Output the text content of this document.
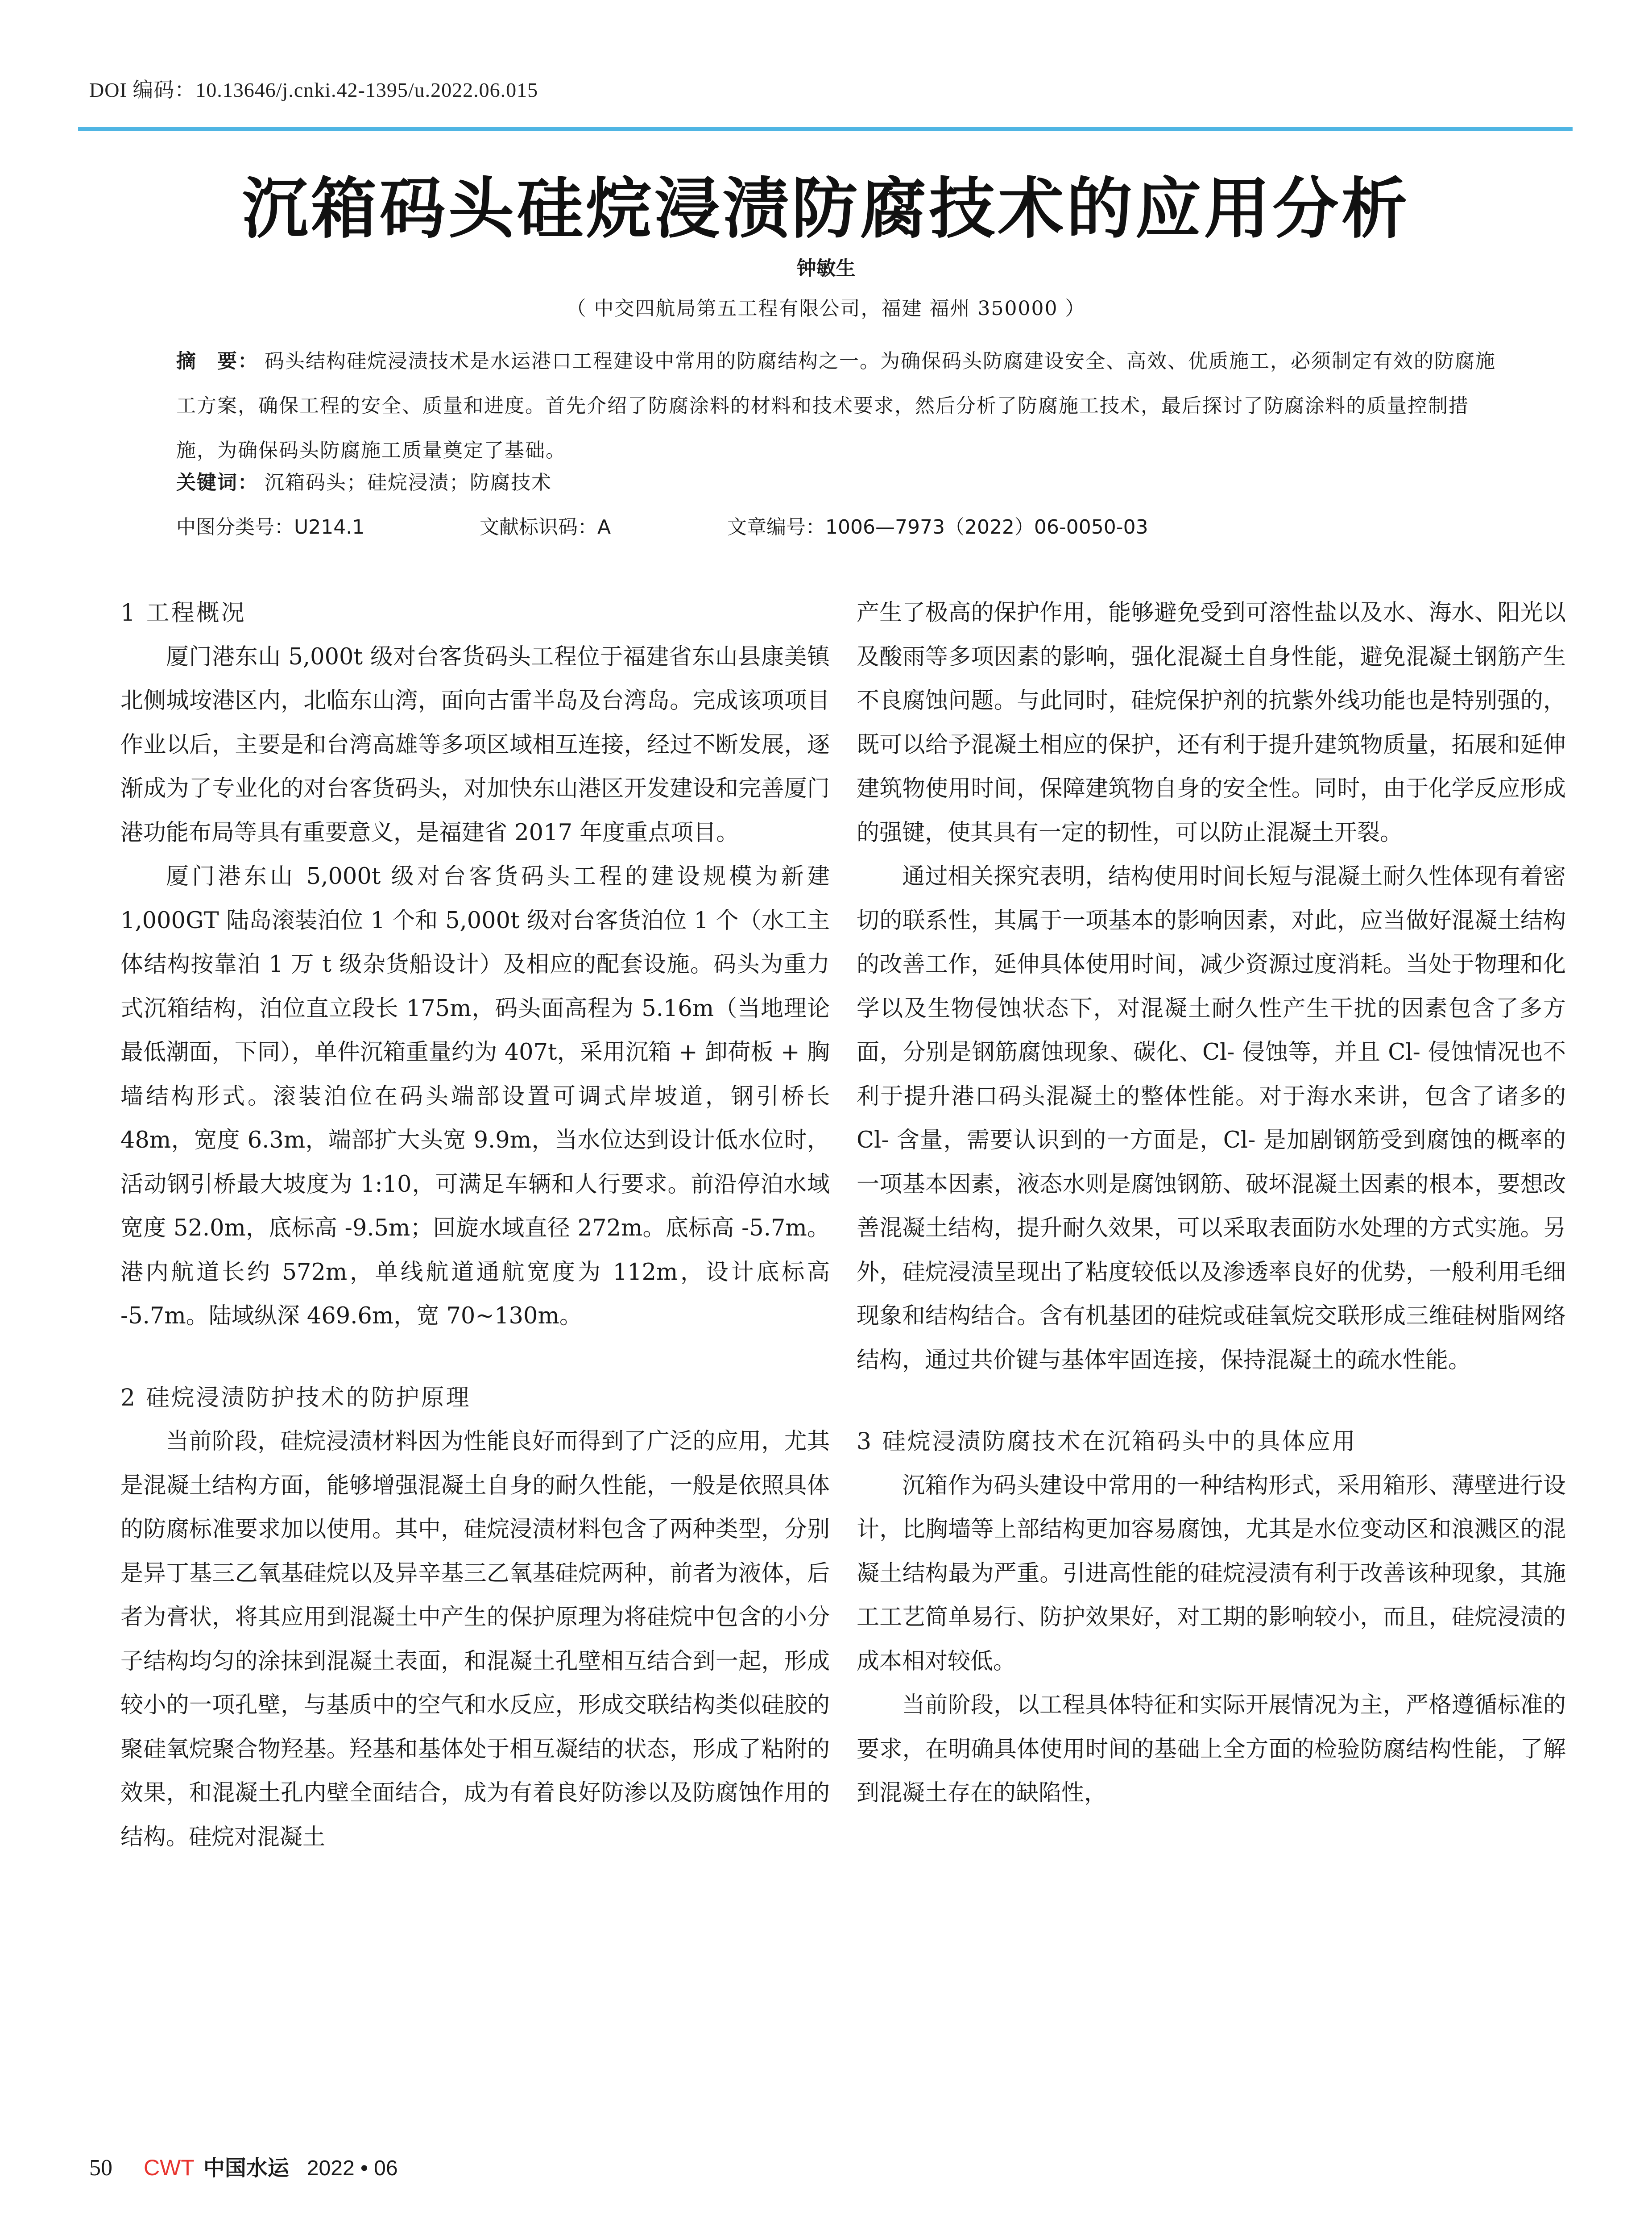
DOI 编码：10.13646/j.cnki.42-1395/u.2022.06.015
沉箱码头硅烷浸渍防腐技术的应用分析
钟敏生
（ 中交四航局第五工程有限公司，福建 福州 350000 ）
摘　要： 码头结构硅烷浸渍技术是水运港口工程建设中常用的防腐结构之一。为确保码头防腐建设安全、高效、优质施工，必须制定有效的防腐施工方案，确保工程的安全、质量和进度。首先介绍了防腐涂料的材料和技术要求，然后分析了防腐施工技术，最后探讨了防腐涂料的质量控制措施，为确保码头防腐施工质量奠定了基础。
关键词： 沉箱码头；硅烷浸渍；防腐技术
中图分类号：U214.1	文献标识码：A	文章编号：1006—7973（2022）06-0050-03
1 工程概况

厦门港东山 5,000t 级对台客货码头工程位于福建省东山县康美镇北侧城垵港区内，北临东山湾，面向古雷半岛及台湾岛。完成该项项目作业以后，主要是和台湾高雄等多项区域相互连接，经过不断发展，逐渐成为了专业化的对台客货码头，对加快东山港区开发建设和完善厦门港功能布局等具有重要意义，是福建省 2017 年度重点项目。

厦门港东山 5,000t 级对台客货码头工程的建设规模为新建 1,000GT 陆岛滚装泊位 1 个和 5,000t 级对台客货泊位 1 个（水工主体结构按靠泊 1 万 t 级杂货船设计）及相应的配套设施。码头为重力式沉箱结构，泊位直立段长 175m，码头面高程为 5.16m（当地理论最低潮面，下同），单件沉箱重量约为 407t，采用沉箱 + 卸荷板 + 胸墙结构形式。滚装泊位在码头端部设置可调式岸坡道，钢引桥长 48m，宽度 6.3m，端部扩大头宽 9.9m，当水位达到设计低水位时，活动钢引桥最大坡度为 1:10，可满足车辆和人行要求。前沿停泊水域宽度 52.0m，底标高 -9.5m；回旋水域直径 272m。底标高 -5.7m。港内航道长约 572m，单线航道通航宽度为 112m，设计底标高 -5.7m。陆域纵深 469.6m，宽 70~130m。

2 硅烷浸渍防护技术的防护原理

当前阶段，硅烷浸渍材料因为性能良好而得到了广泛的应用，尤其是混凝土结构方面，能够增强混凝土自身的耐久性能，一般是依照具体的防腐标准要求加以使用。其中，硅烷浸渍材料包含了两种类型，分别是异丁基三乙氧基硅烷以及异辛基三乙氧基硅烷两种，前者为液体，后者为膏状，将其应用到混凝土中产生的保护原理为将硅烷中包含的小分子结构均匀的涂抹到混凝土表面，和混凝土孔壁相互结合到一起，形成较小的一项孔壁，与基质中的空气和水反应，形成交联结构类似硅胶的聚硅氧烷聚合物羟基。羟基和基体处于相互凝结的状态，形成了粘附的效果，和混凝土孔内壁全面结合，成为有着良好防渗以及防腐蚀作用的结构。硅烷对混凝土

产生了极高的保护作用，能够避免受到可溶性盐以及水、海水、阳光以及酸雨等多项因素的影响，强化混凝土自身性能，避免混凝土钢筋产生不良腐蚀问题。与此同时，硅烷保护剂的抗紫外线功能也是特别强的，既可以给予混凝土相应的保护，还有利于提升建筑物质量，拓展和延伸建筑物使用时间，保障建筑物自身的安全性。同时，由于化学反应形成的强键，使其具有一定的韧性，可以防止混凝土开裂。

通过相关探究表明，结构使用时间长短与混凝土耐久性体现有着密切的联系性，其属于一项基本的影响因素，对此，应当做好混凝土结构的改善工作，延伸具体使用时间，减少资源过度消耗。当处于物理和化学以及生物侵蚀状态下，对混凝土耐久性产生干扰的因素包含了多方面，分别是钢筋腐蚀现象、碳化、Cl- 侵蚀等，并且 Cl- 侵蚀情况也不利于提升港口码头混凝土的整体性能。对于海水来讲，包含了诸多的 Cl- 含量，需要认识到的一方面是，Cl- 是加剧钢筋受到腐蚀的概率的一项基本因素，液态水则是腐蚀钢筋、破坏混凝土因素的根本，要想改善混凝土结构，提升耐久效果，可以采取表面防水处理的方式实施。另外，硅烷浸渍呈现出了粘度较低以及渗透率良好的优势，一般利用毛细现象和结构结合。含有机基团的硅烷或硅氧烷交联形成三维硅树脂网络结构，通过共价键与基体牢固连接，保持混凝土的疏水性能。

3 硅烷浸渍防腐技术在沉箱码头中的具体应用

沉箱作为码头建设中常用的一种结构形式，采用箱形、薄壁进行设计，比胸墙等上部结构更加容易腐蚀，尤其是水位变动区和浪溅区的混凝土结构最为严重。引进高性能的硅烷浸渍有利于改善该种现象，其施工工艺简单易行、防护效果好，对工期的影响较小，而且，硅烷浸渍的成本相对较低。

当前阶段，以工程具体特征和实际开展情况为主，严格遵循标准的要求，在明确具体使用时间的基础上全方面的检验防腐结构性能，了解到混凝土存在的缺陷性，

50 CWT 中国水运 2022 • 06
